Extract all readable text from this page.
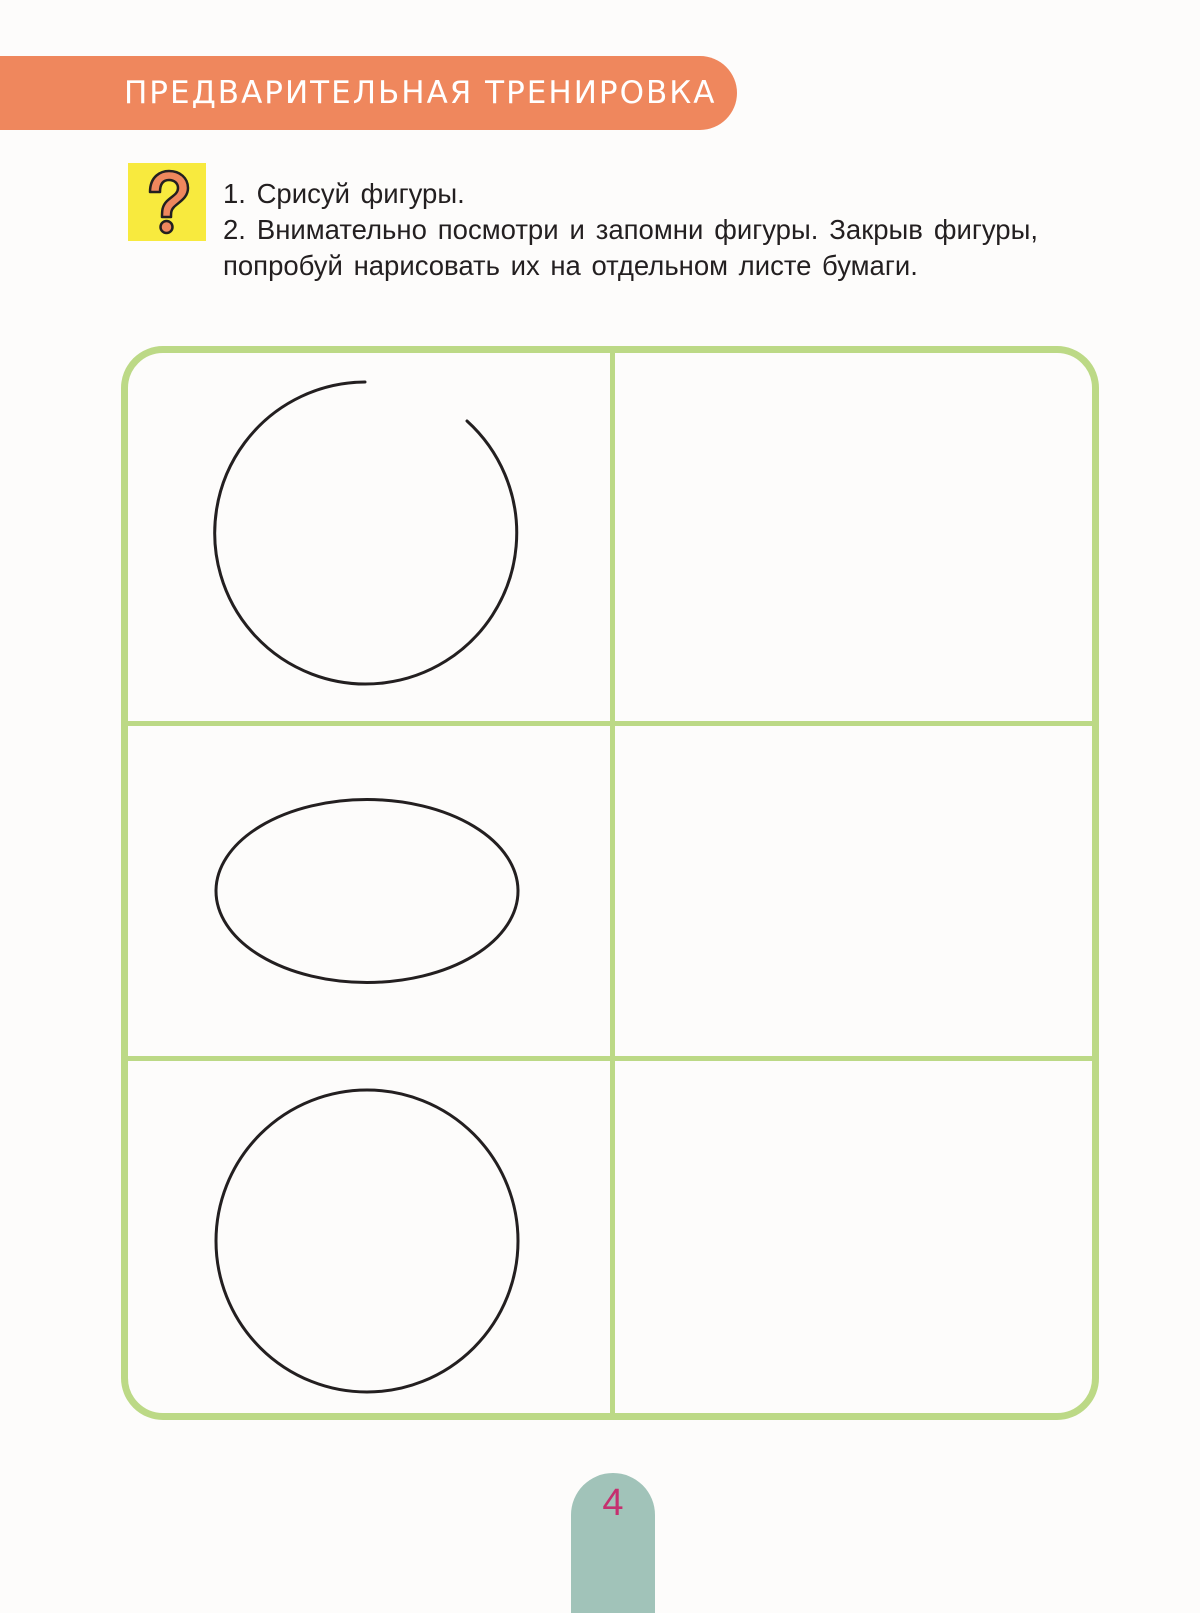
ПРЕДВАРИТЕЛЬНАЯ ТРЕНИРОВКА

1. Срисуй фигуры.

2. Внимательно посмотри и запомни фигуры. Закрыв фигуры, попробуй нарисовать их на отдельном листе бумаги.

4
